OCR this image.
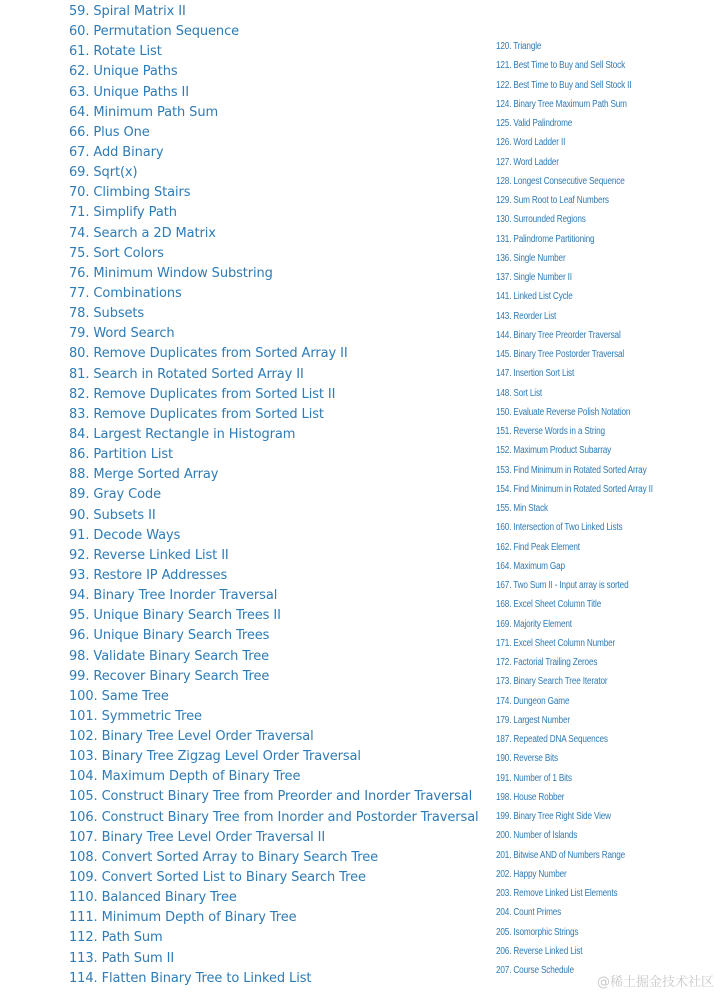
59. Spiral Matrix II
60. Permutation Sequence
61. Rotate List
62. Unique Paths
63. Unique Paths II
64. Minimum Path Sum
66. Plus One
67. Add Binary
69. Sqrt(x)
70. Climbing Stairs
71. Simplify Path
74. Search a 2D Matrix
75. Sort Colors
76. Minimum Window Substring
77. Combinations
78. Subsets
79. Word Search
80. Remove Duplicates from Sorted Array II
81. Search in Rotated Sorted Array II
82. Remove Duplicates from Sorted List II
83. Remove Duplicates from Sorted List
84. Largest Rectangle in Histogram
86. Partition List
88. Merge Sorted Array
89. Gray Code
90. Subsets II
91. Decode Ways
92. Reverse Linked List II
93. Restore IP Addresses
94. Binary Tree Inorder Traversal
95. Unique Binary Search Trees II
96. Unique Binary Search Trees
98. Validate Binary Search Tree
99. Recover Binary Search Tree
100. Same Tree
101. Symmetric Tree
102. Binary Tree Level Order Traversal
103. Binary Tree Zigzag Level Order Traversal
104. Maximum Depth of Binary Tree
105. Construct Binary Tree from Preorder and Inorder Traversal
106. Construct Binary Tree from Inorder and Postorder Traversal
107. Binary Tree Level Order Traversal II
108. Convert Sorted Array to Binary Search Tree
109. Convert Sorted List to Binary Search Tree
110. Balanced Binary Tree
111. Minimum Depth of Binary Tree
112. Path Sum
113. Path Sum II
114. Flatten Binary Tree to Linked List
120. Triangle
121. Best Time to Buy and Sell Stock
122. Best Time to Buy and Sell Stock II
124. Binary Tree Maximum Path Sum
125. Valid Palindrome
126. Word Ladder II
127. Word Ladder
128. Longest Consecutive Sequence
129. Sum Root to Leaf Numbers
130. Surrounded Regions
131. Palindrome Partitioning
136. Single Number
137. Single Number II
141. Linked List Cycle
143. Reorder List
144. Binary Tree Preorder Traversal
145. Binary Tree Postorder Traversal
147. Insertion Sort List
148. Sort List
150. Evaluate Reverse Polish Notation
151. Reverse Words in a String
152. Maximum Product Subarray
153. Find Minimum in Rotated Sorted Array
154. Find Minimum in Rotated Sorted Array II
155. Min Stack
160. Intersection of Two Linked Lists
162. Find Peak Element
164. Maximum Gap
167. Two Sum II - Input array is sorted
168. Excel Sheet Column Title
169. Majority Element
171. Excel Sheet Column Number
172. Factorial Trailing Zeroes
173. Binary Search Tree Iterator
174. Dungeon Game
179. Largest Number
187. Repeated DNA Sequences
190. Reverse Bits
191. Number of 1 Bits
198. House Robber
199. Binary Tree Right Side View
200. Number of Islands
201. Bitwise AND of Numbers Range
202. Happy Number
203. Remove Linked List Elements
204. Count Primes
205. Isomorphic Strings
206. Reverse Linked List
207. Course Schedule
@稀土掘金技术社区
